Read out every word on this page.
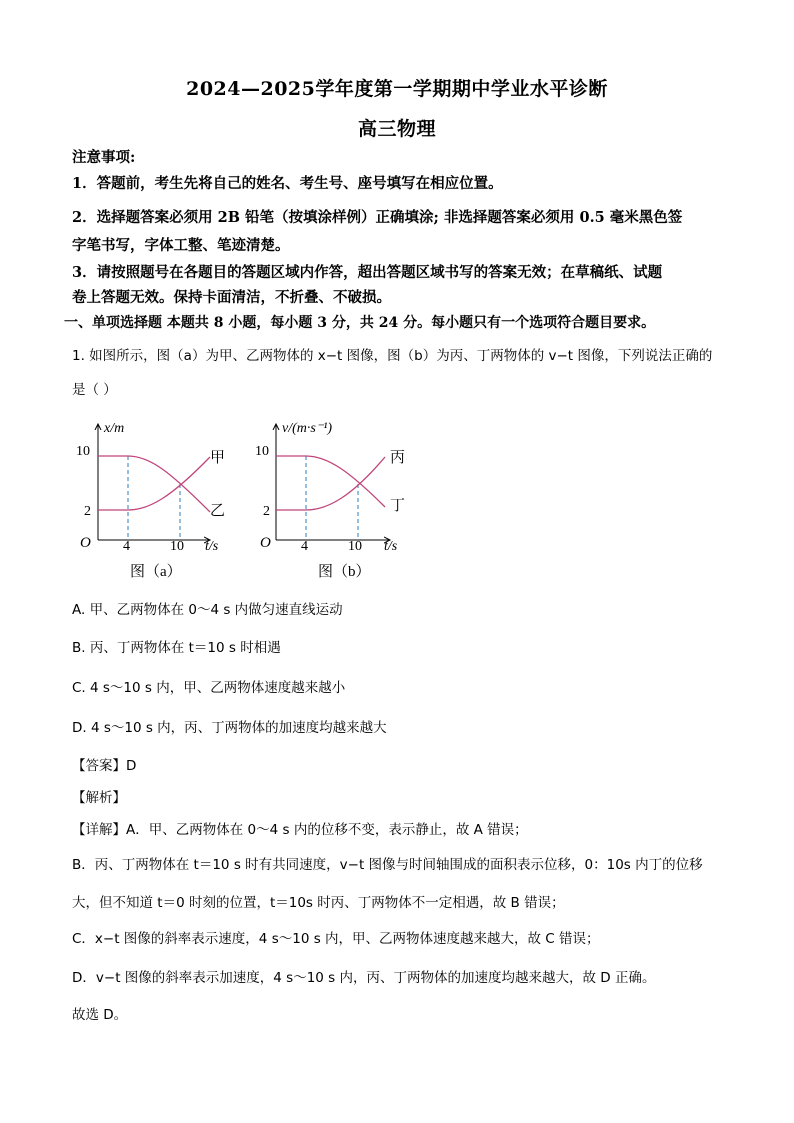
2024—2025学年度第一学期期中学业水平诊断
高三物理
注意事项:
1．答题前，考生先将自己的姓名、考生号、座号填写在相应位置。
2．选择题答案必须用 2B 铅笔（按填涂样例）正确填涂; 非选择题答案必须用 0.5 毫米黑色签
字笔书写，字体工整、笔迹清楚。
3．请按照题号在各题目的答题区域内作答，超出答题区域书写的答案无效；在草稿纸、试题
卷上答题无效。保持卡面清洁，不折叠、不破损。
一、单项选择题 本题共 8 小题，每小题 3 分，共 24 分。每小题只有一个选项符合题目要求。
1. 如图所示，图（a）为甲、乙两物体的 x−t 图像，图（b）为丙、丁两物体的 v−t 图像，下列说法正确的
是（ ）
x/m
10
2
O 4	10 t/s
甲
乙
图（a）
v/(m·s⁻¹)
10
2
O 4	10 t/s
丙
丁
图（b）
A. 甲、乙两物体在 0～4 s 内做匀速直线运动
B. 丙、丁两物体在 t＝10 s 时相遇
C. 4 s～10 s 内，甲、乙两物体速度越来越小
D. 4 s～10 s 内，丙、丁两物体的加速度均越来越大
【答案】D
【解析】
【详解】A．甲、乙两物体在 0～4 s 内的位移不变，表示静止，故 A 错误；
B．丙、丁两物体在 t＝10 s 时有共同速度，v−t 图像与时间轴围成的面积表示位移，0：10s 内丁的位移
大，但不知道 t＝0 时刻的位置，t＝10s 时丙、丁两物体不一定相遇，故 B 错误；
C．x−t 图像的斜率表示速度，4 s～10 s 内，甲、乙两物体速度越来越大，故 C 错误；
D．v−t 图像的斜率表示加速度，4 s～10 s 内，丙、丁两物体的加速度均越来越大，故 D 正确。
故选 D。
